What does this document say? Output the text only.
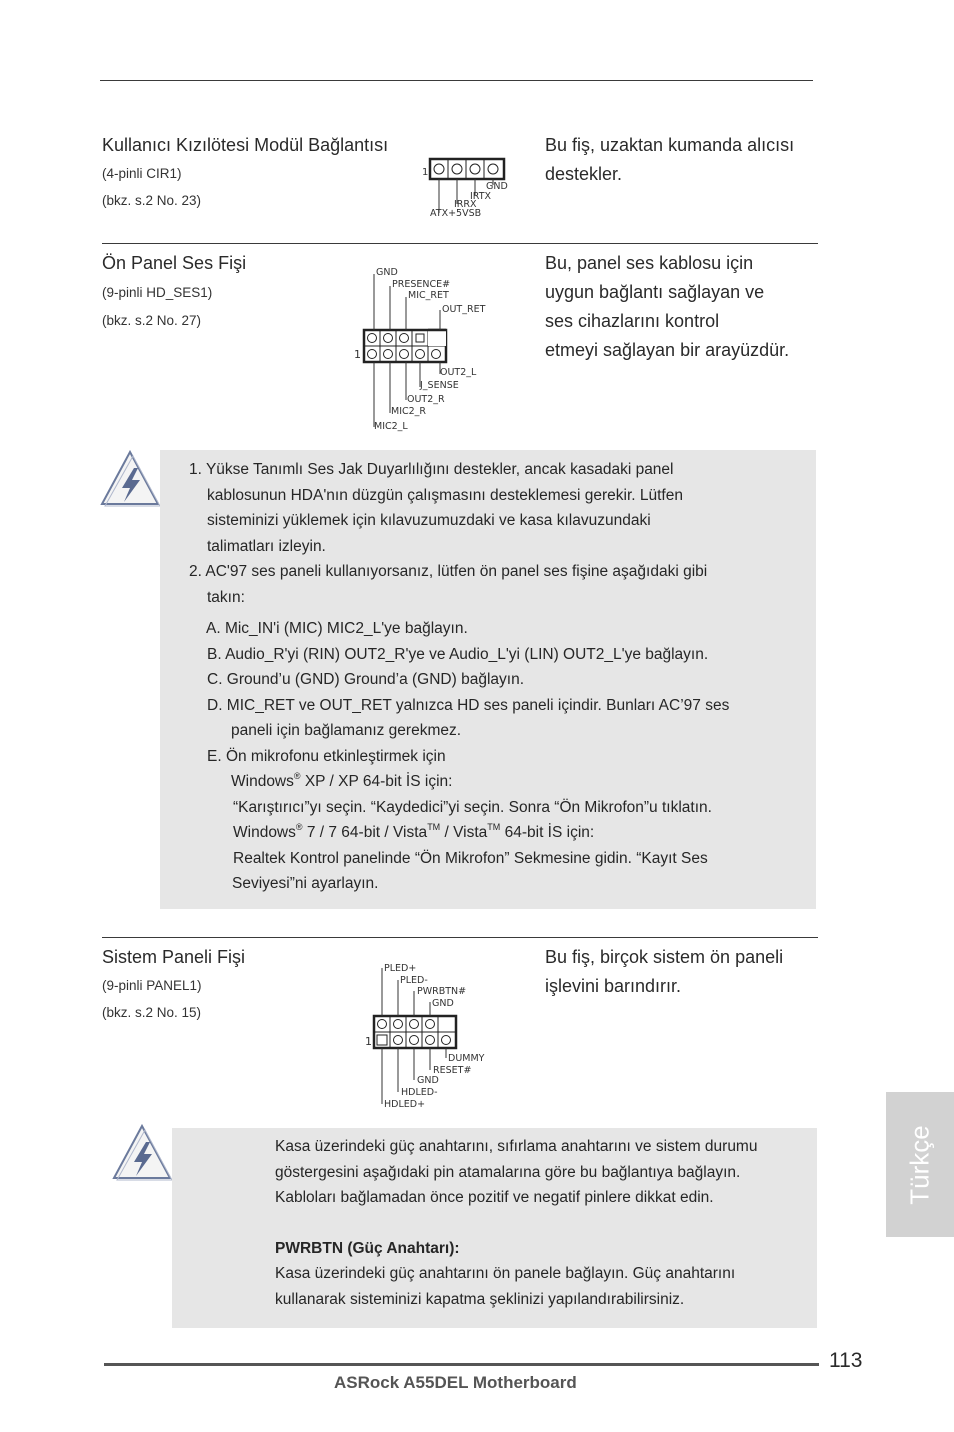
Kullanıcı Kızılötesi Modül Bağlantısı
(4-pinli CIR1)
(bkz. s.2 No. 23)
Bu fiş, uzaktan kumanda alıcısı
destekler.
1
GND
IRTX
IRRX
ATX+5VSB
Ön Panel Ses Fişi
(9-pinli HD_SES1)
(bkz. s.2 No. 27)
Bu, panel ses kablosu için
uygun bağlantı sağlayan ve
ses cihazlarını kontrol
etmeyi sağlayan bir arayüzdür.
1
GND
PRESENCE#
MIC_RET
OUT_RET
OUT2_L
J_SENSE
OUT2_R
MIC2_R
MIC2_L

1. Yükse Tanımlı Ses Jak Duyarlılığını destekler, ancak kasadaki panel

kablosunun HDA'nın düzgün çalışmasını desteklemesi gerekir. Lütfen

sisteminizi yüklemek için kılavuzumuzdaki ve kasa kılavuzundaki

talimatları izleyin.

2. AC'97 ses paneli kullanıyorsanız, lütfen ön panel ses fişine aşağıdaki gibi

takın:

A. Mic_IN'i (MIC) MIC2_L'ye bağlayın.

B. Audio_R'yi (RIN) OUT2_R'ye ve Audio_L'yi (LIN) OUT2_L'ye bağlayın.

C. Ground’u (GND) Ground’a (GND) bağlayın.

D. MIC_RET ve OUT_RET yalnızca HD ses paneli içindir. Bunları AC’97 ses

paneli için bağlamanız gerekmez.

E. Ön mikrofonu etkinleştirmek için

Windows® XP / XP 64-bit İS için:

“Karıştırıcı”yı seçin. “Kaydedici”yi seçin. Sonra “Ön Mikrofon”u tıklatın.

Windows® 7 / 7 64-bit / Vista™ / Vista™ 64-bit İS için:

Realtek Kontrol panelinde “Ön Mikrofon” Sekmesine gidin. “Kayıt Ses

Seviyesi”ni ayarlayın.

Sistem Paneli Fişi
(9-pinli PANEL1)
(bkz. s.2 No. 15)
Bu fiş, birçok sistem ön paneli
işlevini barındırır.
1
PLED+
PLED-
PWRBTN#
GND
DUMMY
RESET#
GND
HDLED-
HDLED+

Kasa üzerindeki güç anahtarını, sıfırlama anahtarını ve sistem durumu

göstergesini aşağıdaki pin atamalarına göre bu bağlantıya bağlayın.

Kabloları bağlamadan önce pozitif ve negatif pinlere dikkat edin.

PWRBTN (Güç Anahtarı):

Kasa üzerindeki güç anahtarını ön panele bağlayın. Güç anahtarını

kullanarak sisteminizi kapatma şeklinizi yapılandırabilirsiniz.

Türkçe
113
ASRock A55DEL Motherboard
